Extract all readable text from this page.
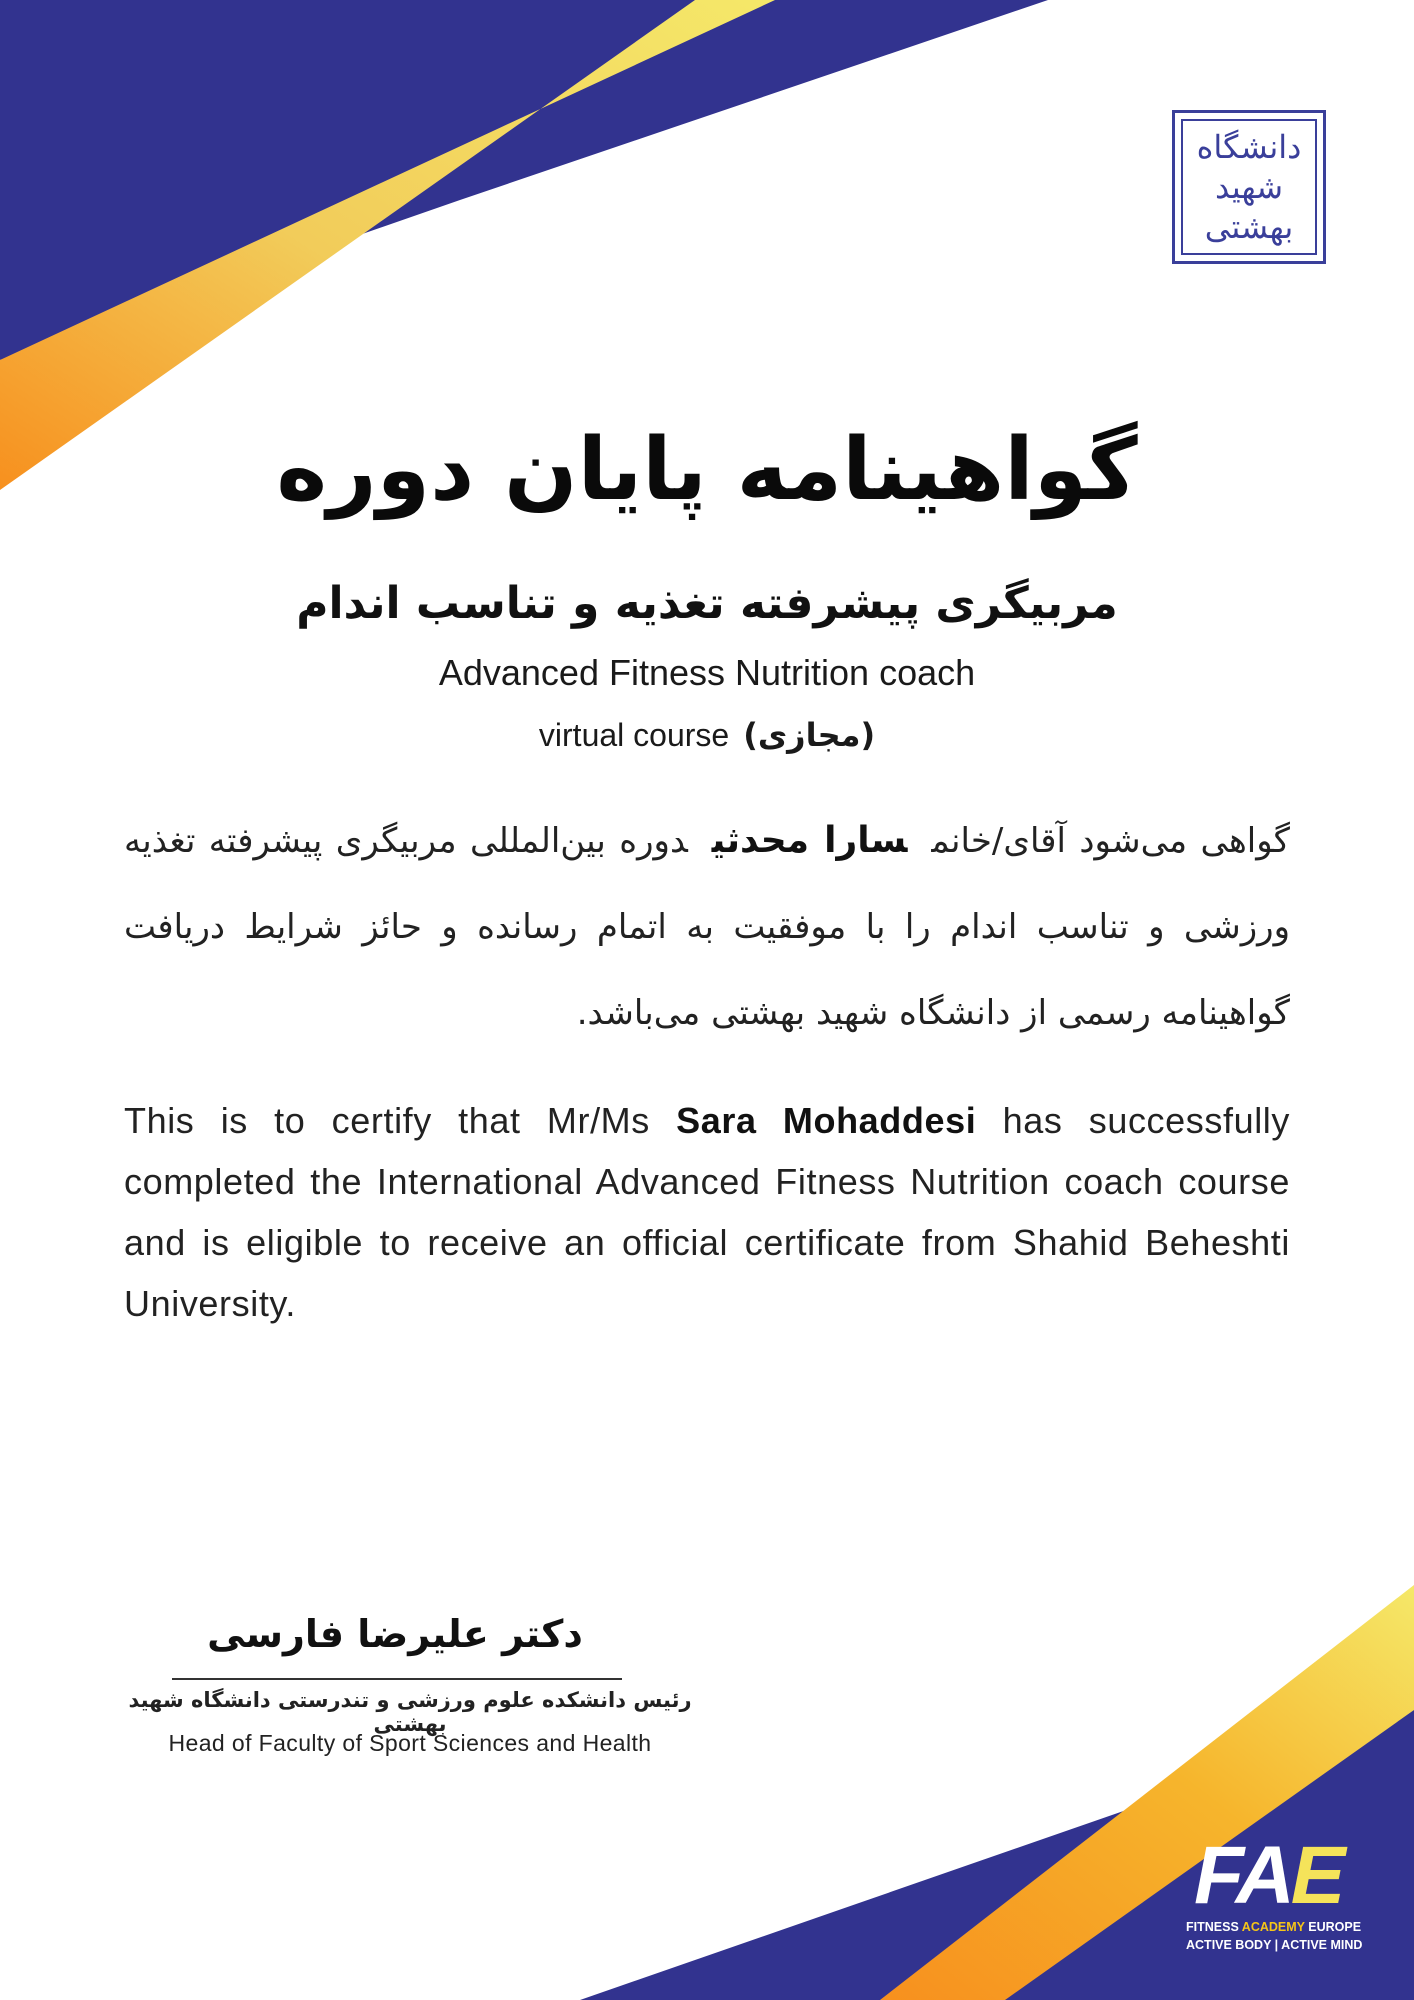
دانشگاه
شهید
بهشتی
گواهینامه پایان دوره
مربیگری پیشرفته تغذیه و تناسب اندام
Advanced Fitness Nutrition coach
virtual course (مجازی)
گواهی می‌شود آقای/خانمسارا محدثیدوره بین‌المللی مربیگری پیشرفته تغذیه ورزشی و تناسب اندام را با موفقیت به اتمام رسانده و حائز شرایط دریافت گواهینامه رسمی از دانشگاه شهید بهشتی می‌باشد.
This is to certify that Mr/Ms Sara Mohaddesi has successfully completed the International Advanced Fitness Nutrition coach course and is eligible to receive an official certificate from Shahid Beheshti University.
دکتر علیرضا فارسی
رئیس دانشکده علوم ورزشی و تندرستی دانشگاه شهید بهشتی
Head of Faculty of Sport Sciences and Health
FAE
FITNESS ACADEMY EUROPE
ACTIVE BODY | ACTIVE MIND
